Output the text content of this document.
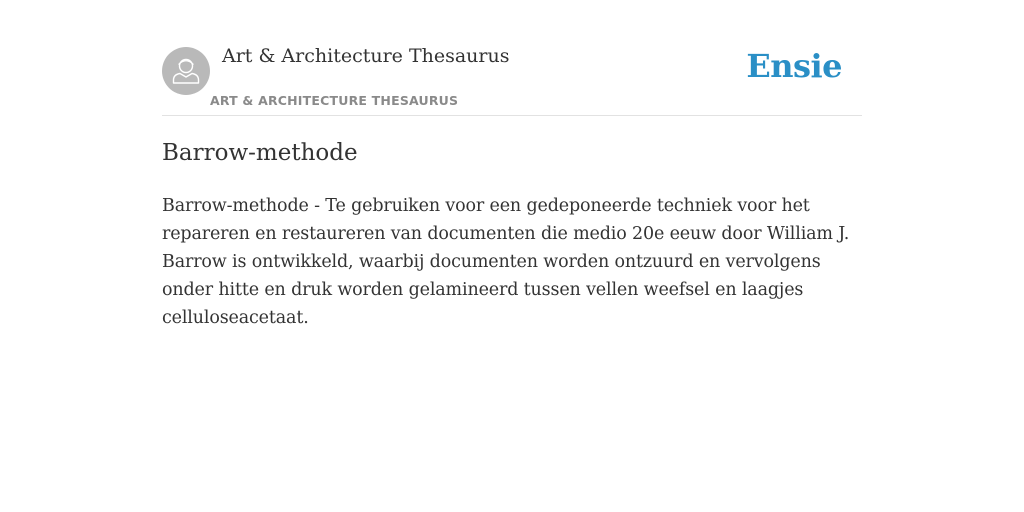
Art & Architecture Thesaurus
ART & ARCHITECTURE THESAURUS
Ensie
Barrow-methode

Barrow-methode - Te gebruiken voor een gedeponeerde techniek voor het repareren en restaureren van documenten die medio 20e eeuw door William J. Barrow is ontwikkeld, waarbij documenten worden ontzuurd en vervolgens onder hitte en druk worden gelamineerd tussen vellen weefsel en laagjes celluloseacetaat.
